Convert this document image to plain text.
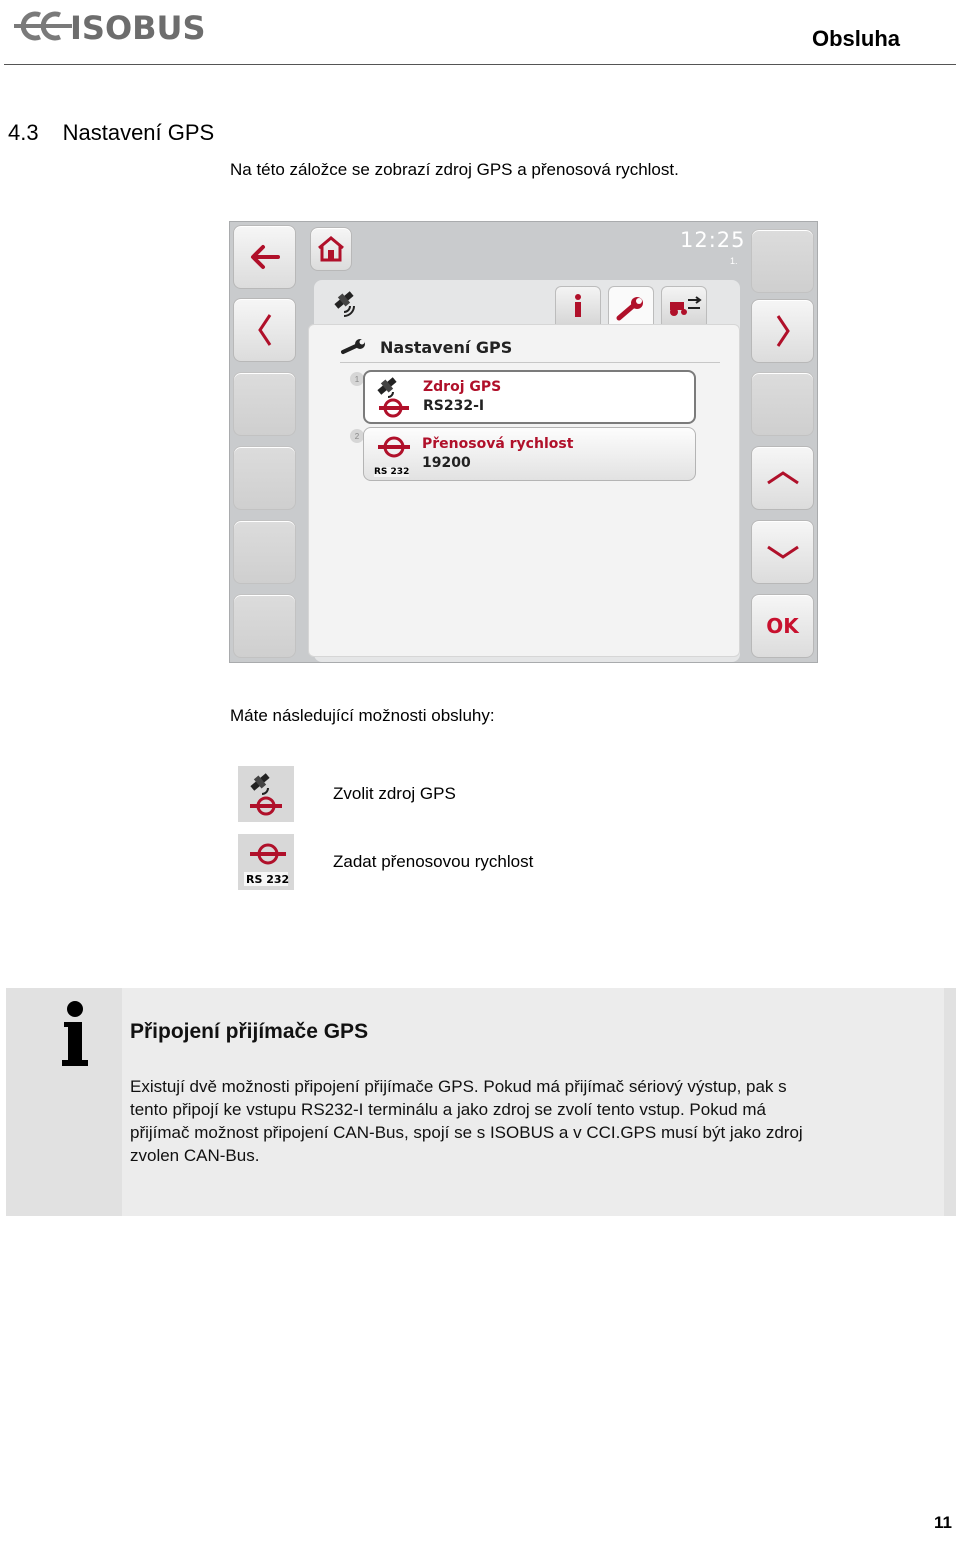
ISOBUS	Obsluha
4.3 Nastavení GPS
Na této záložce se zobrazí zdroj GPS a přenosová rychlost.
12:25
1.
OK
Nastavení GPS
1	Zdroj GPS
RS232-I
2
RS 232
Přenosová rychlost
19200
Máte následující možnosti obsluhy:
Zvolit zdroj GPS
RS 232
Zadat přenosovou rychlost
Připojení přijímače GPS
Existují dvě možnosti připojení přijímače GPS. Pokud má přijímač sériový výstup, pak s
tento připojí ke vstupu RS232-I terminálu a jako zdroj se zvolí tento vstup. Pokud má
přijímač možnost připojení CAN-Bus, spojí se s ISOBUS a v CCI.GPS musí být jako zdroj
zvolen CAN-Bus.
11
